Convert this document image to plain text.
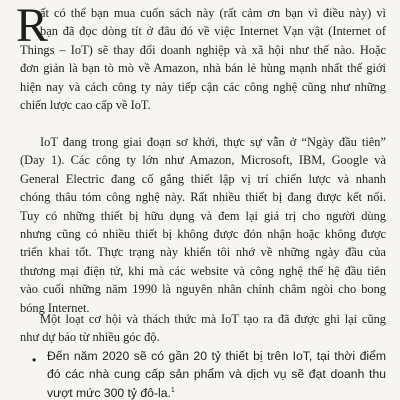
R
ất có thể bạn mua cuốn sách này (rất cảm ơn bạn vì điều này) vì
bạn đã đọc dòng tít ở đâu đó về việc Internet Vạn vật (Internet of
Things – IoT) sẽ thay đổi doanh nghiệp và xã hội như thế nào. Hoặc
đơn giản là bạn tò mò về Amazon, nhà bán lẻ hùng mạnh nhất thế giới
hiện nay và cách công ty này tiếp cận các công nghệ cũng như những
chiến lược cao cấp về IoT.
IoT đang trong giai đoạn sơ khởi, thực sự vẫn ở “Ngày đầu tiên”
(Day 1). Các công ty lớn như Amazon, Microsoft, IBM, Google và
General Electric đang cố gắng thiết lập vị trí chiến lược và nhanh
chóng thâu tóm công nghệ này. Rất nhiều thiết bị đang được kết nối.
Tuy có những thiết bị hữu dụng và đem lại giá trị cho người dùng
nhưng cũng có nhiều thiết bị không được đón nhận hoặc không được
triển khai tốt. Thực trạng này khiến tôi nhớ về những ngày đầu của
thương mại điện tử, khi mà các website và công nghệ thế hệ đầu tiên
vào cuối những năm 1990 là nguyên nhân chính châm ngòi cho bong
bóng Internet.
Một loạt cơ hội và thách thức mà IoT tạo ra đã được ghi lại cũng
như dự báo từ nhiều góc độ.
• Đến năm 2020 sẽ có gần 20 tỷ thiết bị trên IoT, tại thời điểm
đó các nhà cung cấp sản phẩm và dịch vụ sẽ đạt doanh thu
vượt mức 300 tỷ đô-la.$^1$
